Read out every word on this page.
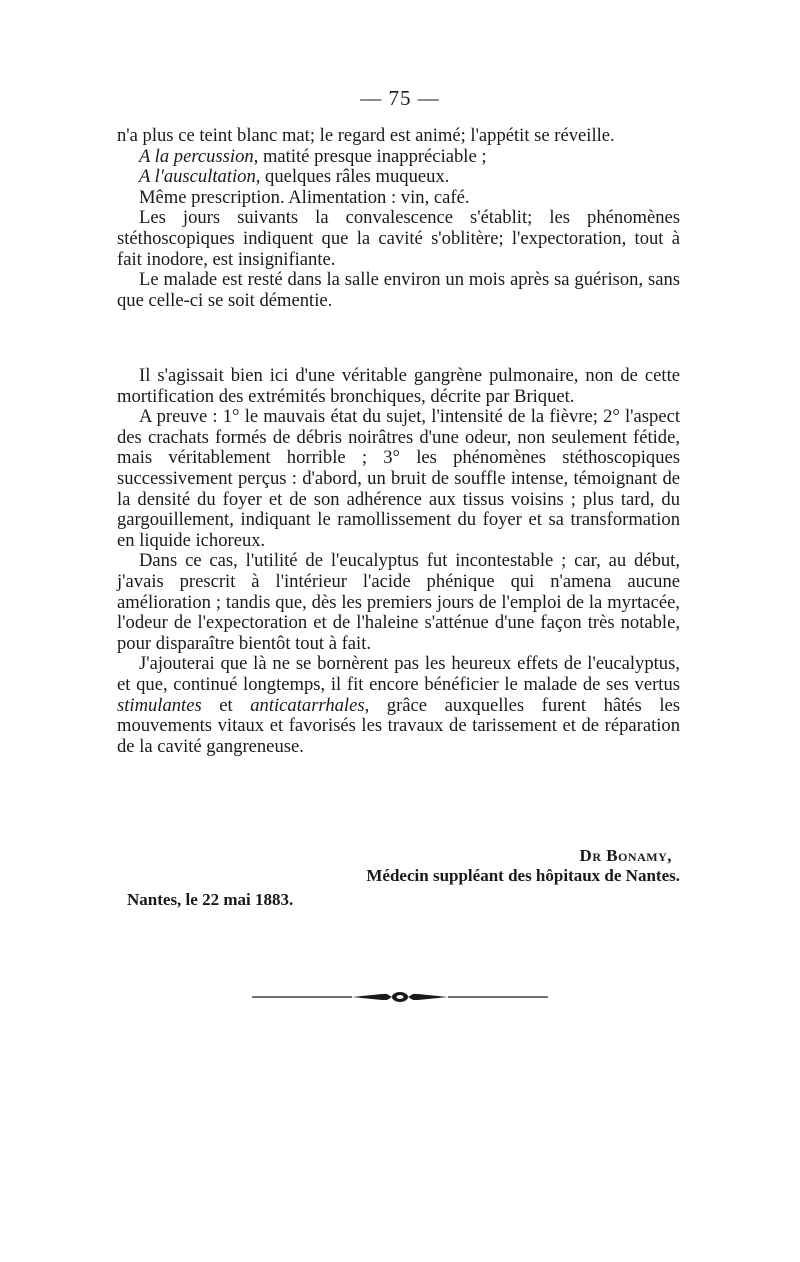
— 75 —

n'a plus ce teint blanc mat; le regard est animé; l'appétit se réveille.

A la percussion, matité presque inappréciable ;

A l'auscultation, quelques râles muqueux.

Même prescription. Alimentation : vin, café.

Les jours suivants la convalescence s'établit; les phénomènes stéthoscopiques indiquent que la cavité s'oblitère; l'expectoration, tout à fait inodore, est insignifiante.

Le malade est resté dans la salle environ un mois après sa guérison, sans que celle-ci se soit démentie.

Il s'agissait bien ici d'une véritable gangrène pulmonaire, non de cette mortification des extrémités bronchiques, décrite par Briquet.

A preuve : 1° le mauvais état du sujet, l'intensité de la fièvre; 2° l'aspect des crachats formés de débris noirâtres d'une odeur, non seulement fétide, mais véritablement horrible ; 3° les phénomènes stéthoscopiques successivement perçus : d'abord, un bruit de souffle intense, témoignant de la densité du foyer et de son adhérence aux tissus voisins ; plus tard, du gargouillement, indiquant le ramollissement du foyer et sa transformation en liquide ichoreux.

Dans ce cas, l'utilité de l'eucalyptus fut incontestable ; car, au début, j'avais prescrit à l'intérieur l'acide phénique qui n'amena aucune amélioration ; tandis que, dès les premiers jours de l'emploi de la myrtacée, l'odeur de l'expectoration et de l'haleine s'atténue d'une façon très notable, pour disparaître bientôt tout à fait.

J'ajouterai que là ne se bornèrent pas les heureux effets de l'eucalyptus, et que, continué longtemps, il fit encore bénéficier le malade de ses vertus stimulantes et anticatarrhales, grâce auxquelles furent hâtés les mouvements vitaux et favorisés les travaux de tarissement et de réparation de la cavité gangreneuse.

Dr Bonamy,
Médecin suppléant des hôpitaux de Nantes.
Nantes, le 22 mai 1883.
